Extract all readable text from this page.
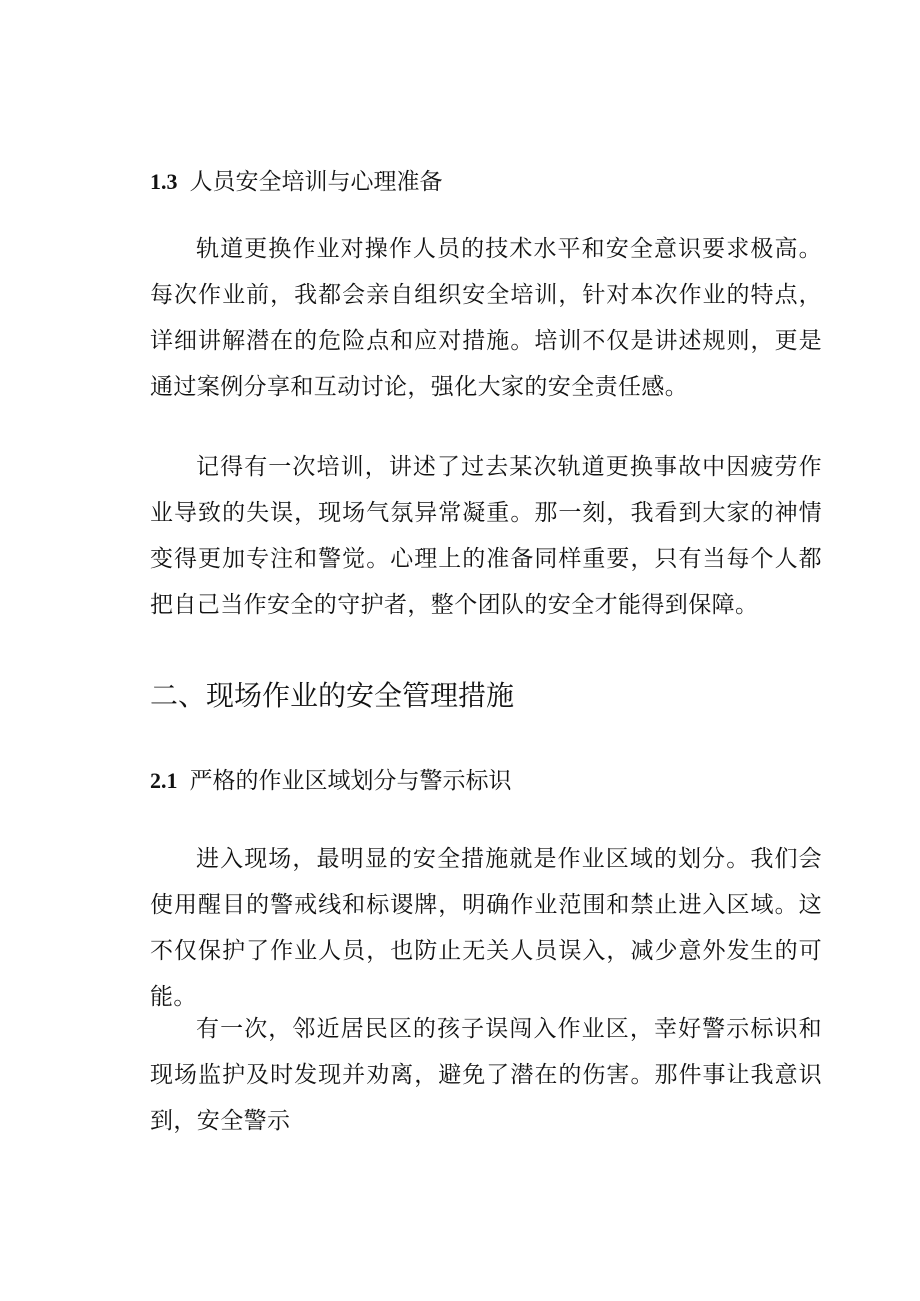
1.3 人员安全培训与心理准备

轨道更换作业对操作人员的技术水平和安全意识要求极高。每次作业前，我都会亲自组织安全培训，针对本次作业的特点，详细讲解潜在的危险点和应对措施。培训不仅是讲述规则，更是通过案例分享和互动讨论，强化大家的安全责任感。

记得有一次培训，讲述了过去某次轨道更换事故中因疲劳作业导致的失误，现场气氛异常凝重。那一刻，我看到大家的神情变得更加专注和警觉。心理上的准备同样重要，只有当每个人都把自己当作安全的守护者，整个团队的安全才能得到保障。

二、现场作业的安全管理措施
2.1 严格的作业区域划分与警示标识

进入现场，最明显的安全措施就是作业区域的划分。我们会使用醒目的警戒线和标谡牌，明确作业范围和禁止进入区域。这不仅保护了作业人员，也防止无关人员误入，减少意外发生的可能。

有一次，邻近居民区的孩子误闯入作业区，幸好警示标识和现场监护及时发现并劝离，避免了潜在的伤害。那件事让我意识到，安全警示
